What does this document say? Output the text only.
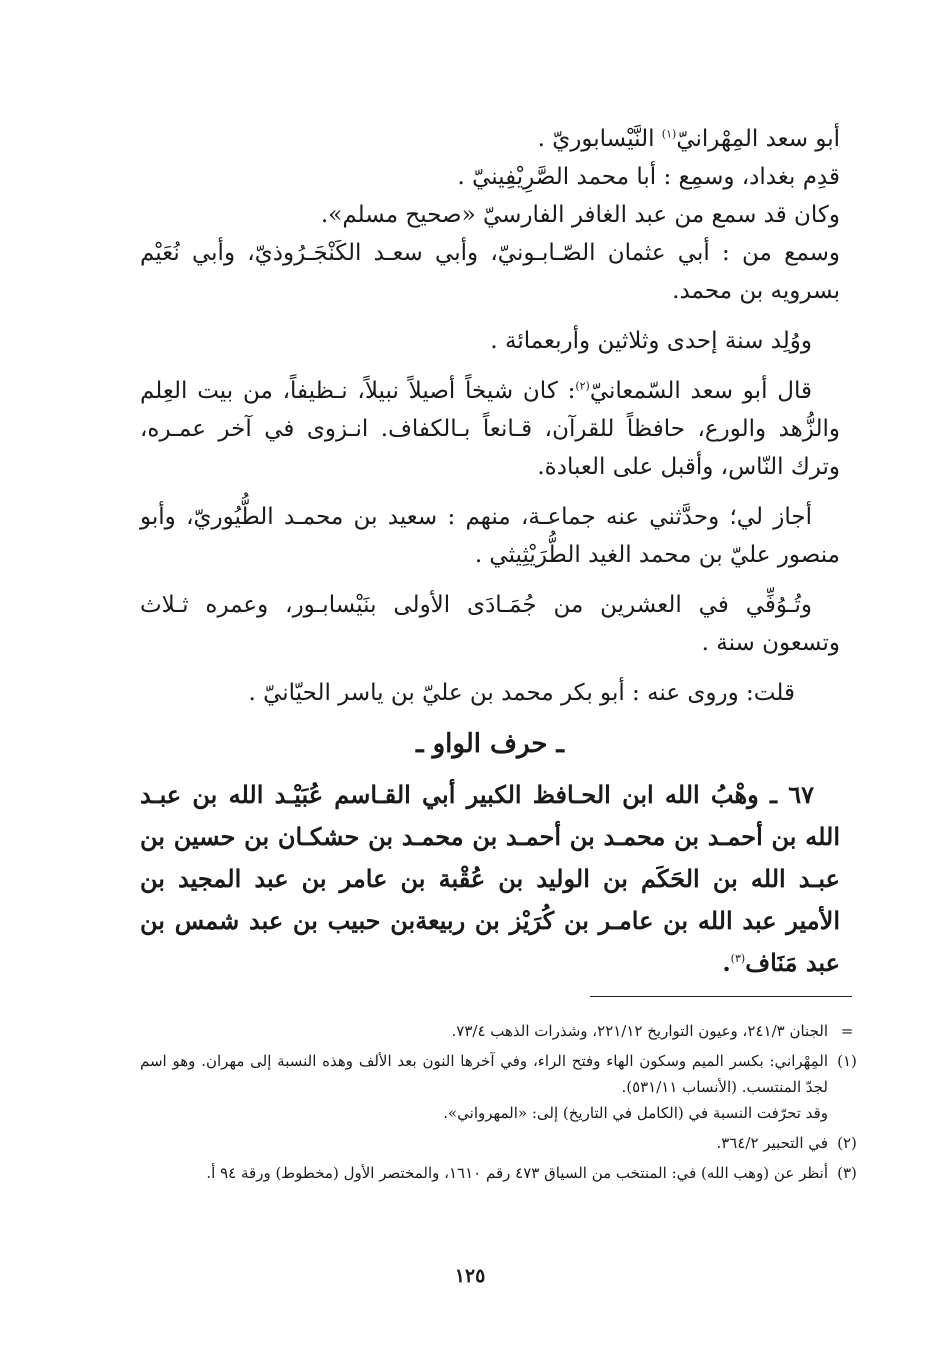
أبو سعد المِهْرانيّ$^{(١)}$ النَّيْسابوريّ .

قدِم بغداد، وسمِع : أبا محمد الصَّرِيْفِينيّ .

وكان قد سمع من عبد الغافر الفارسيّ «صحيح مسلم».

وسمع من : أبي عثمان الصّـابـونيّ، وأبي سعـد الكَنْجَـرُوذيّ، وأبي نُعَيْم بسرويه بن محمد.

ووُلِد سنة إحدى وثلاثين وأربعمائة .

قال أبو سعد السّمعانيّ$^{(٢)}$: كان شيخاً أصيلاً نبيلاً، نـظيفاً، من بيت العِلم والزُّهد والورع، حافظاً للقرآن، قـانعاً بـالكفاف. انـزوى في آخر عمـره، وترك النّاس، وأقبل على العبادة.

أجاز لي؛ وحدَّثني عنه جماعـة، منهم : سعيد بن محمـد الطُّيُوريّ، وأبو منصور عليّ بن محمد الغيد الطُّرَيْثِيثي .

وتُـوُفِّي في العشرين من جُمَـادَى الأولى بنَيْسابـور، وعمره ثـلاث وتسعون سنة .

قلت: وروى عنه : أبو بكر محمد بن عليّ بن ياسر الحيّانيّ .

ـ حرف الواو ـ

٦٧ ـ وهْبُ الله ابن الحـافظ الكبير أبي القـاسم عُبَيْـد الله بن عبـد الله بن أحمـد بن محمـد بن أحمـد بن محمـد بن حشكـان بن حسين بن عبـد الله بن الحَكَم بن الوليد بن عُقْبة بن عامر بن عبد المجيد بن الأمير عبد الله بن عامـر بن كُرَيْز بن ربيعةبن حبيب بن عبد شمس بن عبد مَنَاف$^{(٣)}$.

=
الجنان ٢٤١/٣، وعيون التواريخ ٢٢١/١٢، وشذرات الذهب ٧٣/٤.
(١)
المِهْراني: بكسر الميم وسكون الهاء وفتح الراء، وفي آخرها النون بعد الألف وهذه النسبة إلى مهران. وهو اسم لجدّ المنتسب. (الأنساب ٥٣١/١١).
وقد تحرّفت النسبة في (الكامل في التاريخ) إلى: «المهرواني».
(٢)
في التحبير ٣٦٤/٢.
(٣)
أنظر عن (وهب الله) في: المنتخب من السياق ٤٧٣ رقم ١٦١٠، والمختصر الأول (مخطوط) ورقة ٩٤ أ.
١٢٥
